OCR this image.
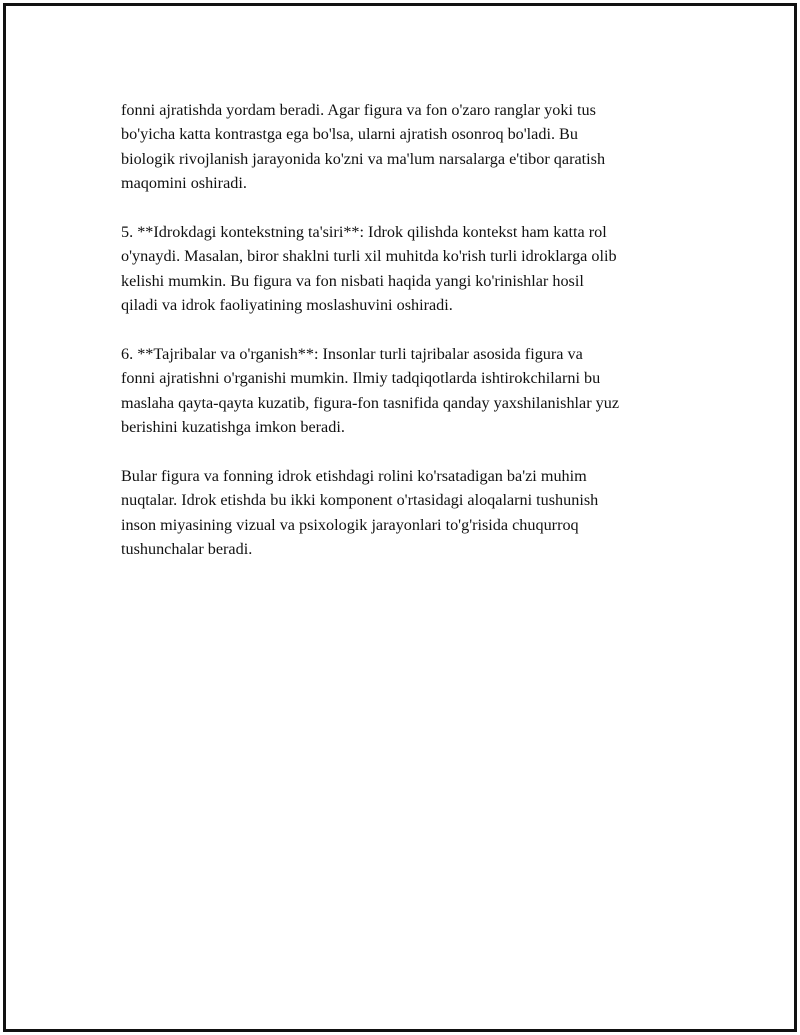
fonni ajratishda yordam beradi. Agar figura va fon o'zaro ranglar yoki tus
bo'yicha katta kontrastga ega bo'lsa, ularni ajratish osonroq bo'ladi. Bu
biologik rivojlanish jarayonida ko'zni va ma'lum narsalarga e'tibor qaratish
maqomini oshiradi.

5. **Idrokdagi kontekstning ta'siri**: Idrok qilishda kontekst ham katta rol
o'ynaydi. Masalan, biror shaklni turli xil muhitda ko'rish turli idroklarga olib
kelishi mumkin. Bu figura va fon nisbati haqida yangi ko'rinishlar hosil
qiladi va idrok faoliyatining moslashuvini oshiradi.

6. **Tajribalar va o'rganish**: Insonlar turli tajribalar asosida figura va
fonni ajratishni o'rganishi mumkin. Ilmiy tadqiqotlarda ishtirokchilarni bu
maslaha qayta-qayta kuzatib, figura-fon tasnifida qanday yaxshilanishlar yuz
berishini kuzatishga imkon beradi.

Bular figura va fonning idrok etishdagi rolini ko'rsatadigan ba'zi muhim
nuqtalar. Idrok etishda bu ikki komponent o'rtasidagi aloqalarni tushunish
inson miyasining vizual va psixologik jarayonlari to'g'risida chuqurroq
tushunchalar beradi.
